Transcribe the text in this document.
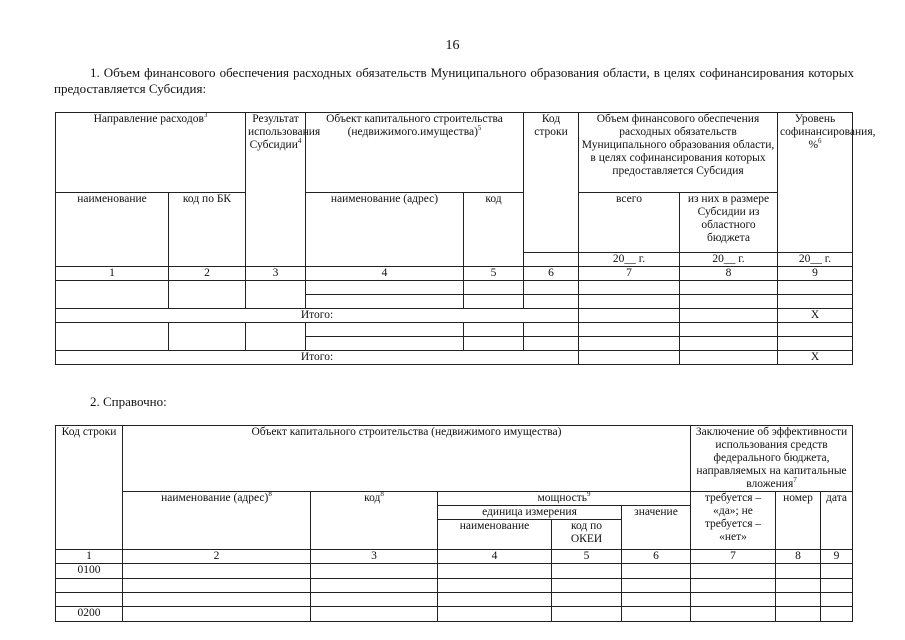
16
1. Объем финансового обеспечения расходных обязательств Муниципального образования области, в целях софинансирования которых предоставляется Субсидия:
Направление расходов$^3$		Результат использования Субсидии$^4$	Объект капитального строительства (недвижимого.имущества)$^5$		Код строки	Объем финансового обеспечения расходных обязательств Муниципального образования области, в целях софинансирования которых предоставляется Субсидия		Уровень софинансирования, %$^6$
наименование	код по БК		наименование (адрес)	код		всего	из них в размере Субсидии из областного бюджета	
						20__ г.	20__ г.	20__ г.
1	2	3	4	5	6	7	8	9

Итого:								Х

Итого:								Х
2. Справочно:
Код строки	Объект капитального строительства (недвижимого имущества)					Заключение об эффективности использования средств федерального бюджета, направляемых на капитальные вложения$^7$
	наименование (адрес)$^8$	код$^8$	мощность$^9$			требуется – «да»; не требуется – «нет»	номер	дата
			единица измерения		значение			
			наименование	код по ОКЕИ				
1	2	3	4	5	6	7	8	9
0100								

0200								
